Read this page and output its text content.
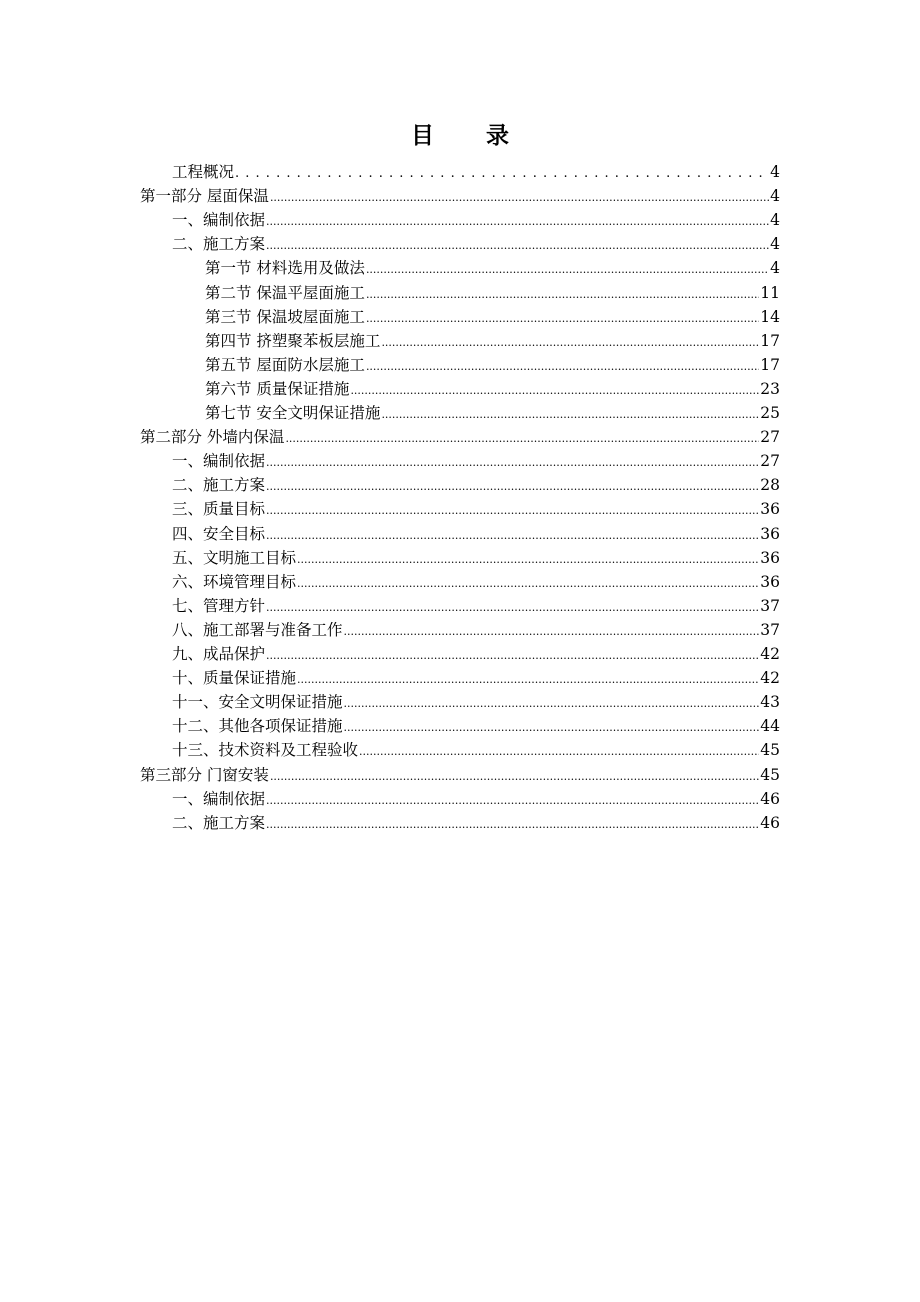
目 录
工程概况 . . .	4
第一部分 屋面保温 .....	4
一、编制依据 .....	4
二、施工方案 .....	4
第一节 材料选用及做法 .....	4
第二节 保温平屋面施工 .....	11
第三节 保温坡屋面施工 .....	14
第四节 挤塑聚苯板层施工 .....	17
第五节 屋面防水层施工 .....	17
第六节 质量保证措施 .....	23
第七节 安全文明保证措施 .....	25
第二部分 外墙内保温 .....	27
一、编制依据 .....	27
二、施工方案 .....	28
三、质量目标 .....	36
四、安全目标 .....	36
五、文明施工目标 .....	36
六、环境管理目标 .....	36
七、管理方针 .....	37
八、施工部署与准备工作 .....	37
九、成品保护 .....	42
十、质量保证措施 .....	42
十一、安全文明保证措施 .....	43
十二、其他各项保证措施 .....	44
十三、技术资料及工程验收 .....	45
第三部分 门窗安装 .....	45
一、编制依据 .....	46
二、施工方案 .....	46
